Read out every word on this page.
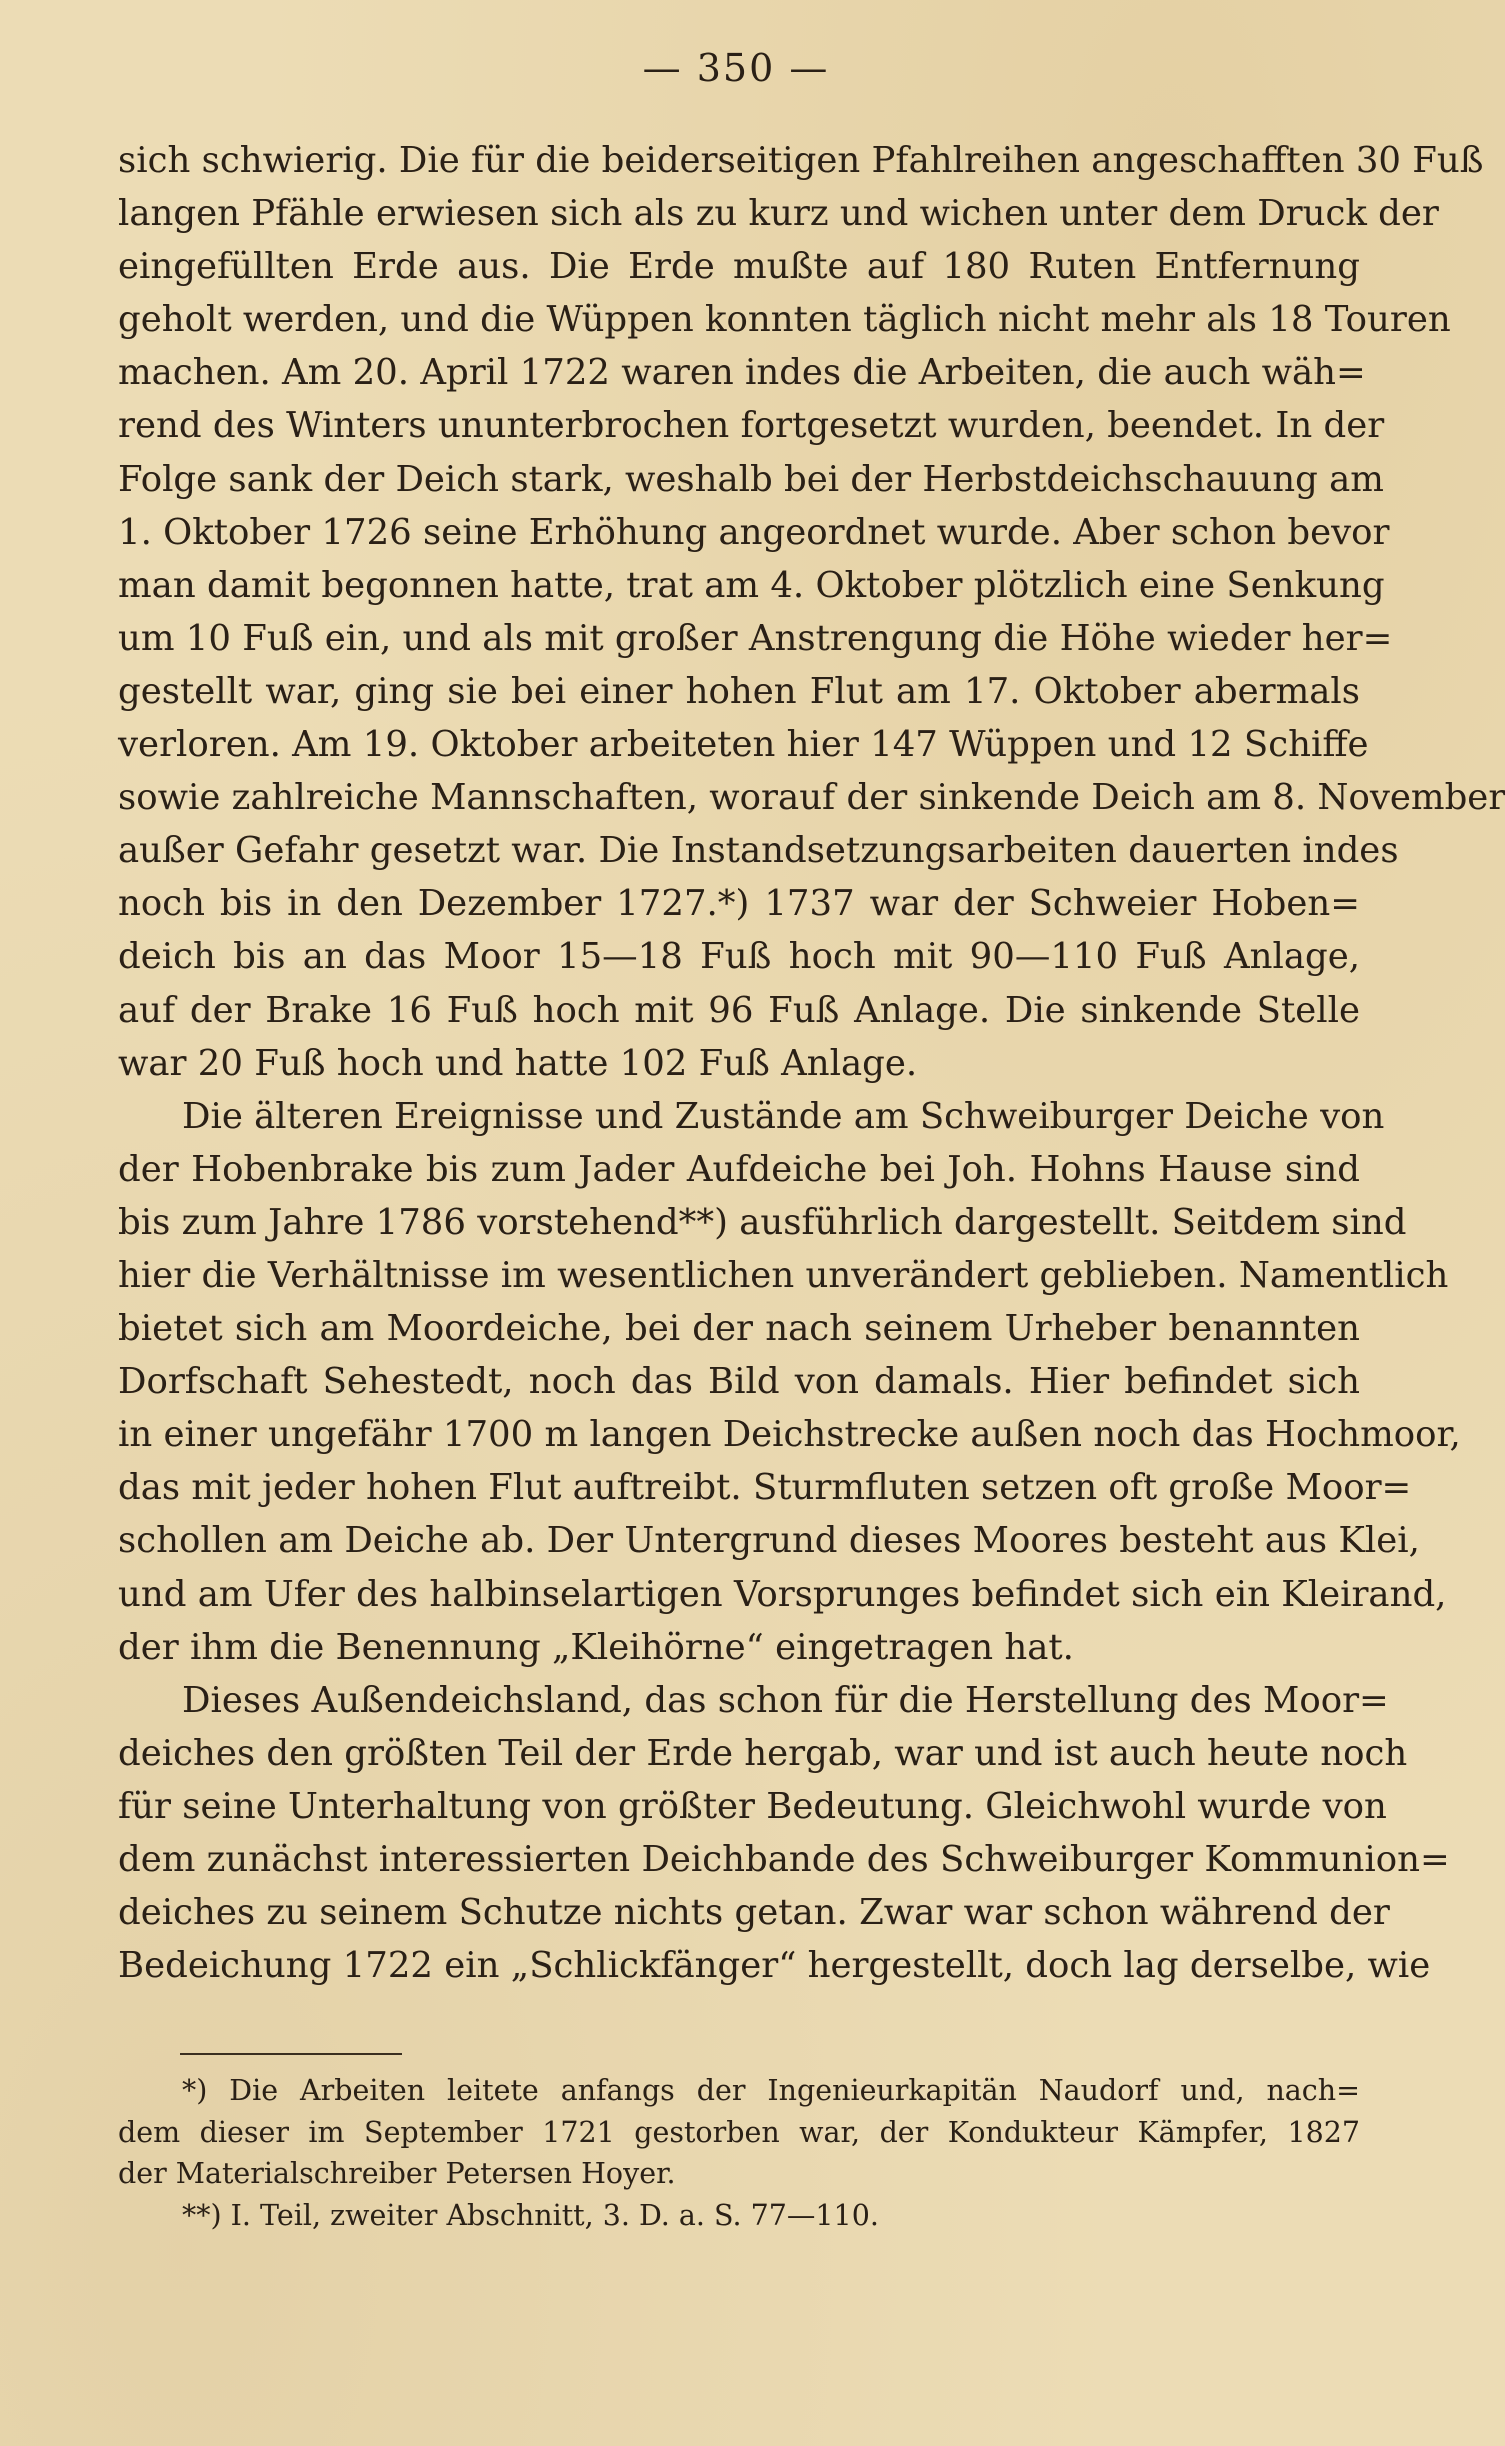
— 350 —
sich schwierig. Die für die beiderseitigen Pfahlreihen angeschafften 30 Fuß
langen Pfähle erwiesen sich als zu kurz und wichen unter dem Druck der
eingefüllten Erde aus. Die Erde mußte auf 180 Ruten Entfernung
geholt werden, und die Wüppen konnten täglich nicht mehr als 18 Touren
machen. Am 20. April 1722 waren indes die Arbeiten, die auch wäh=
rend des Winters ununterbrochen fortgesetzt wurden, beendet. In der
Folge sank der Deich stark, weshalb bei der Herbstdeichschauung am
1. Oktober 1726 seine Erhöhung angeordnet wurde. Aber schon bevor
man damit begonnen hatte, trat am 4. Oktober plötzlich eine Senkung
um 10 Fuß ein, und als mit großer Anstrengung die Höhe wieder her=
gestellt war, ging sie bei einer hohen Flut am 17. Oktober abermals
verloren. Am 19. Oktober arbeiteten hier 147 Wüppen und 12 Schiffe
sowie zahlreiche Mannschaften, worauf der sinkende Deich am 8. November
außer Gefahr gesetzt war. Die Instandsetzungsarbeiten dauerten indes
noch bis in den Dezember 1727.*) 1737 war der Schweier Hoben=
deich bis an das Moor 15—18 Fuß hoch mit 90—110 Fuß Anlage,
auf der Brake 16 Fuß hoch mit 96 Fuß Anlage. Die sinkende Stelle
war 20 Fuß hoch und hatte 102 Fuß Anlage.
Die älteren Ereignisse und Zustände am Schweiburger Deiche von
der Hobenbrake bis zum Jader Aufdeiche bei Joh. Hohns Hause sind
bis zum Jahre 1786 vorstehend**) ausführlich dargestellt. Seitdem sind
hier die Verhältnisse im wesentlichen unverändert geblieben. Namentlich
bietet sich am Moordeiche, bei der nach seinem Urheber benannten
Dorfschaft Sehestedt, noch das Bild von damals. Hier befindet sich
in einer ungefähr 1700 m langen Deichstrecke außen noch das Hochmoor,
das mit jeder hohen Flut auftreibt. Sturmfluten setzen oft große Moor=
schollen am Deiche ab. Der Untergrund dieses Moores besteht aus Klei,
und am Ufer des halbinselartigen Vorsprunges befindet sich ein Kleirand,
der ihm die Benennung „Kleihörne“ eingetragen hat.
Dieses Außendeichsland, das schon für die Herstellung des Moor=
deiches den größten Teil der Erde hergab, war und ist auch heute noch
für seine Unterhaltung von größter Bedeutung. Gleichwohl wurde von
dem zunächst interessierten Deichbande des Schweiburger Kommunion=
deiches zu seinem Schutze nichts getan. Zwar war schon während der
Bedeichung 1722 ein „Schlickfänger“ hergestellt, doch lag derselbe, wie
*) Die Arbeiten leitete anfangs der Ingenieurkapitän Naudorf und, nach=
dem dieser im September 1721 gestorben war, der Kondukteur Kämpfer, 1827
der Materialschreiber Petersen Hoyer.
**) I. Teil, zweiter Abschnitt, 3. D. a. S. 77—110.
